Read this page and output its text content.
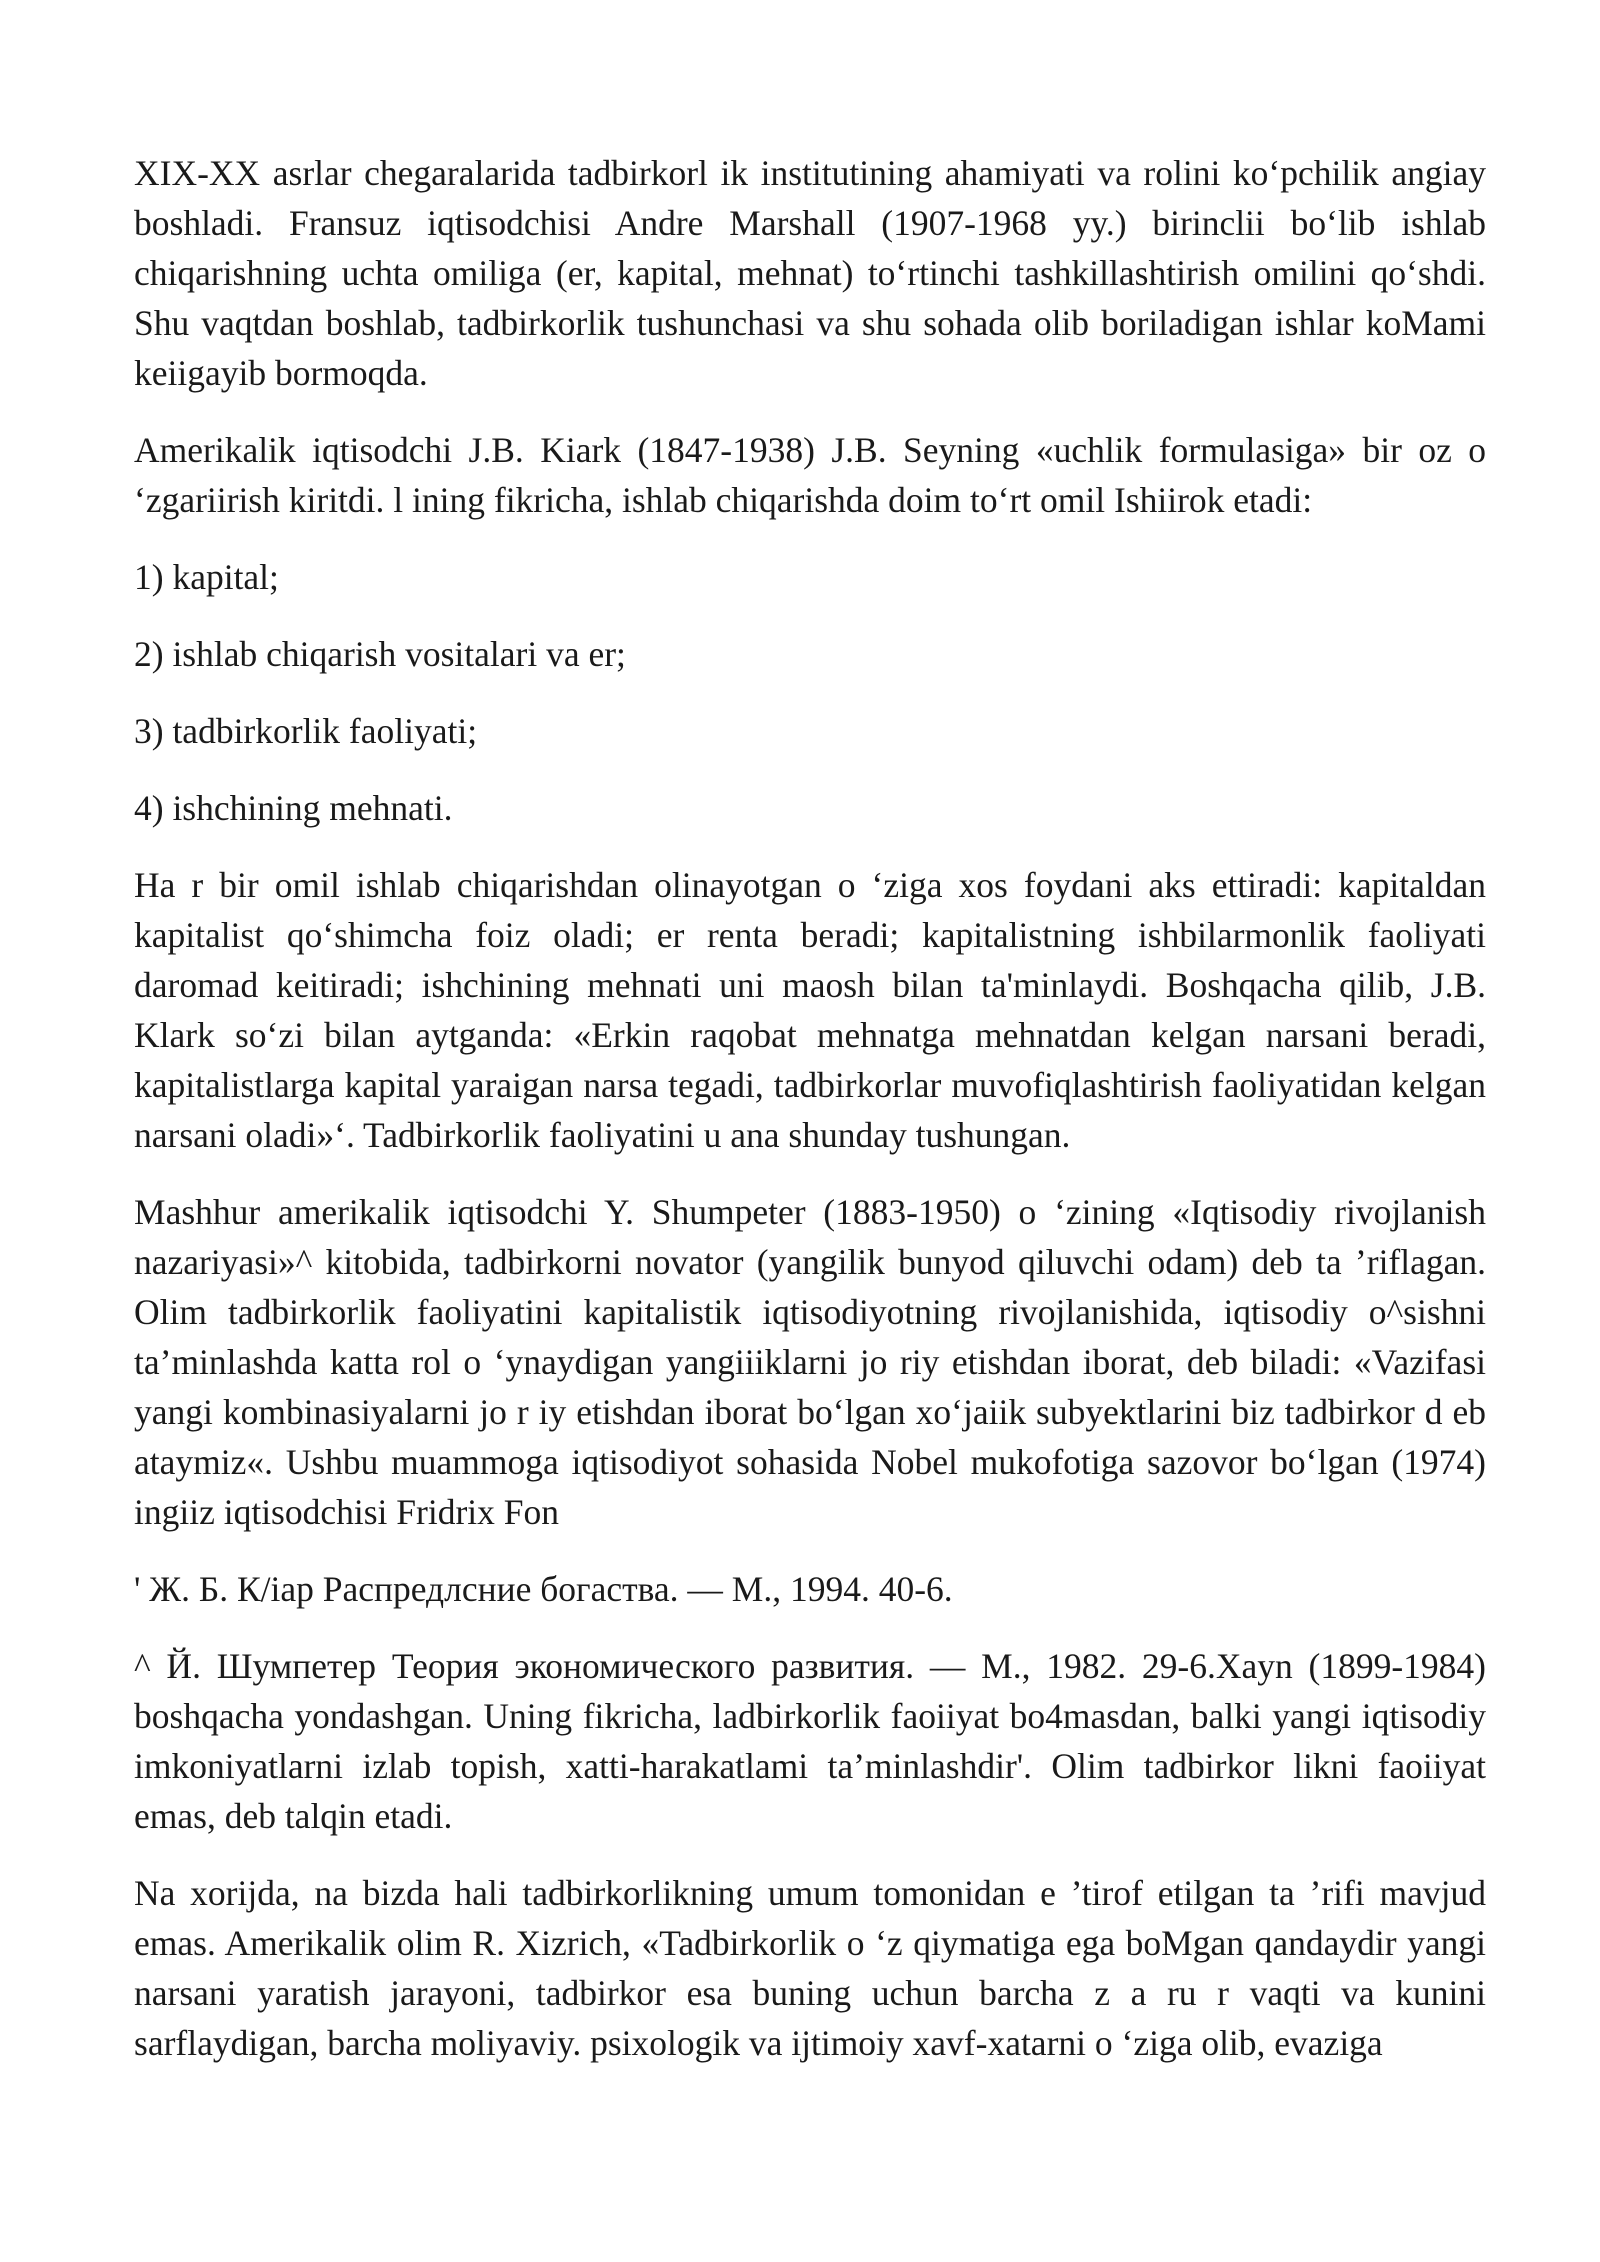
XIX-XX asrlar chegaralarida tadbirkorl ik institutining ahamiyati va rolini ko‘pchilik angiay boshladi. Fransuz iqtisodchisi Andre Marshall (1907-1968 yy.) birinclii bo‘lib ishlab chiqarishning uchta omiliga (er, kapital, mehnat) to‘rtinchi tashkillashtirish omilini qo‘shdi. Shu vaqtdan boshlab, tadbirkorlik tushunchasi va shu sohada olib boriladigan ishlar koMami keiigayib bormoqda.

Amerikalik iqtisodchi J.B. Kiark (1847-1938) J.B. Seyning «uchlik formulasiga» bir oz o ‘zgariirish kiritdi. l ining fikricha, ishlab chiqarishda doim to‘rt omil Ishiirok etadi:

1) kapital;

2) ishlab chiqarish vositalari va er;

3) tadbirkorlik faoliyati;

4) ishchining mehnati.

Ha r bir omil ishlab chiqarishdan olinayotgan o ‘ziga xos foydani aks ettiradi: kapitaldan kapitalist qo‘shimcha foiz oladi; er renta beradi; kapitalistning ishbilarmonlik faoliyati daromad keitiradi; ishchining mehnati uni maosh bilan ta'minlaydi. Boshqacha qilib, J.B. Klark so‘zi bilan aytganda: «Erkin raqobat mehnatga mehnatdan kelgan narsani beradi, kapitalistlarga kapital yaraigan narsa tegadi, tadbirkorlar muvofiqlashtirish faoliyatidan kelgan narsani oladi»‘. Tadbirkorlik faoliyatini u ana shunday tushungan.

Mashhur amerikalik iqtisodchi Y. Shumpeter (1883-1950) o ‘zining «Iqtisodiy rivojlanish nazariyasi»^ kitobida, tadbirkorni novator (yangilik bunyod qiluvchi odam) deb ta ’riflagan. Olim tadbirkorlik faoliyatini kapitalistik iqtisodiyotning rivojlanishida, iqtisodiy o^sishni ta’minlashda katta rol o ‘ynaydigan yangiiiklarni jo riy etishdan iborat, deb biladi: «Vazifasi yangi kombinasiyalarni jo r iy etishdan iborat bo‘lgan xo‘jaiik subyektlarini biz tadbirkor d eb ataymiz«. Ushbu muammoga iqtisodiyot sohasida Nobel mukofotiga sazovor bo‘lgan (1974) ingiiz iqtisodchisi Fridrix Fon

' Ж. Б. К/iар Распредлсние богаства. — М., 1994. 40-6.

^ Й. Шумпетер Теория экономического развития. — М., 1982. 29-6.Хаyn (1899-1984) boshqacha yondashgan. Uning fikricha, ladbirkorlik faoiiyat bo4masdan, balki yangi iqtisodiy imkoniyatlarni izlab topish, xatti-harakatlami ta’minlashdir'. Olim tadbirkor likni faoiiyat emas, deb talqin etadi.

Na xorijda, na bizda hali tadbirkorlikning umum tomonidan e ’tirof etilgan ta ’rifi mavjud emas. Amerikalik olim R. Xizrich, «Tadbirkorlik o ‘z qiymatiga ega boMgan qandaydir yangi narsani yaratish jarayoni, tadbirkor esa buning uchun barcha z a ru r vaqti va kunini sarflaydigan, barcha moliyaviy. psixologik va ijtimoiy xavf-xatarni o ‘ziga olib, evaziga
